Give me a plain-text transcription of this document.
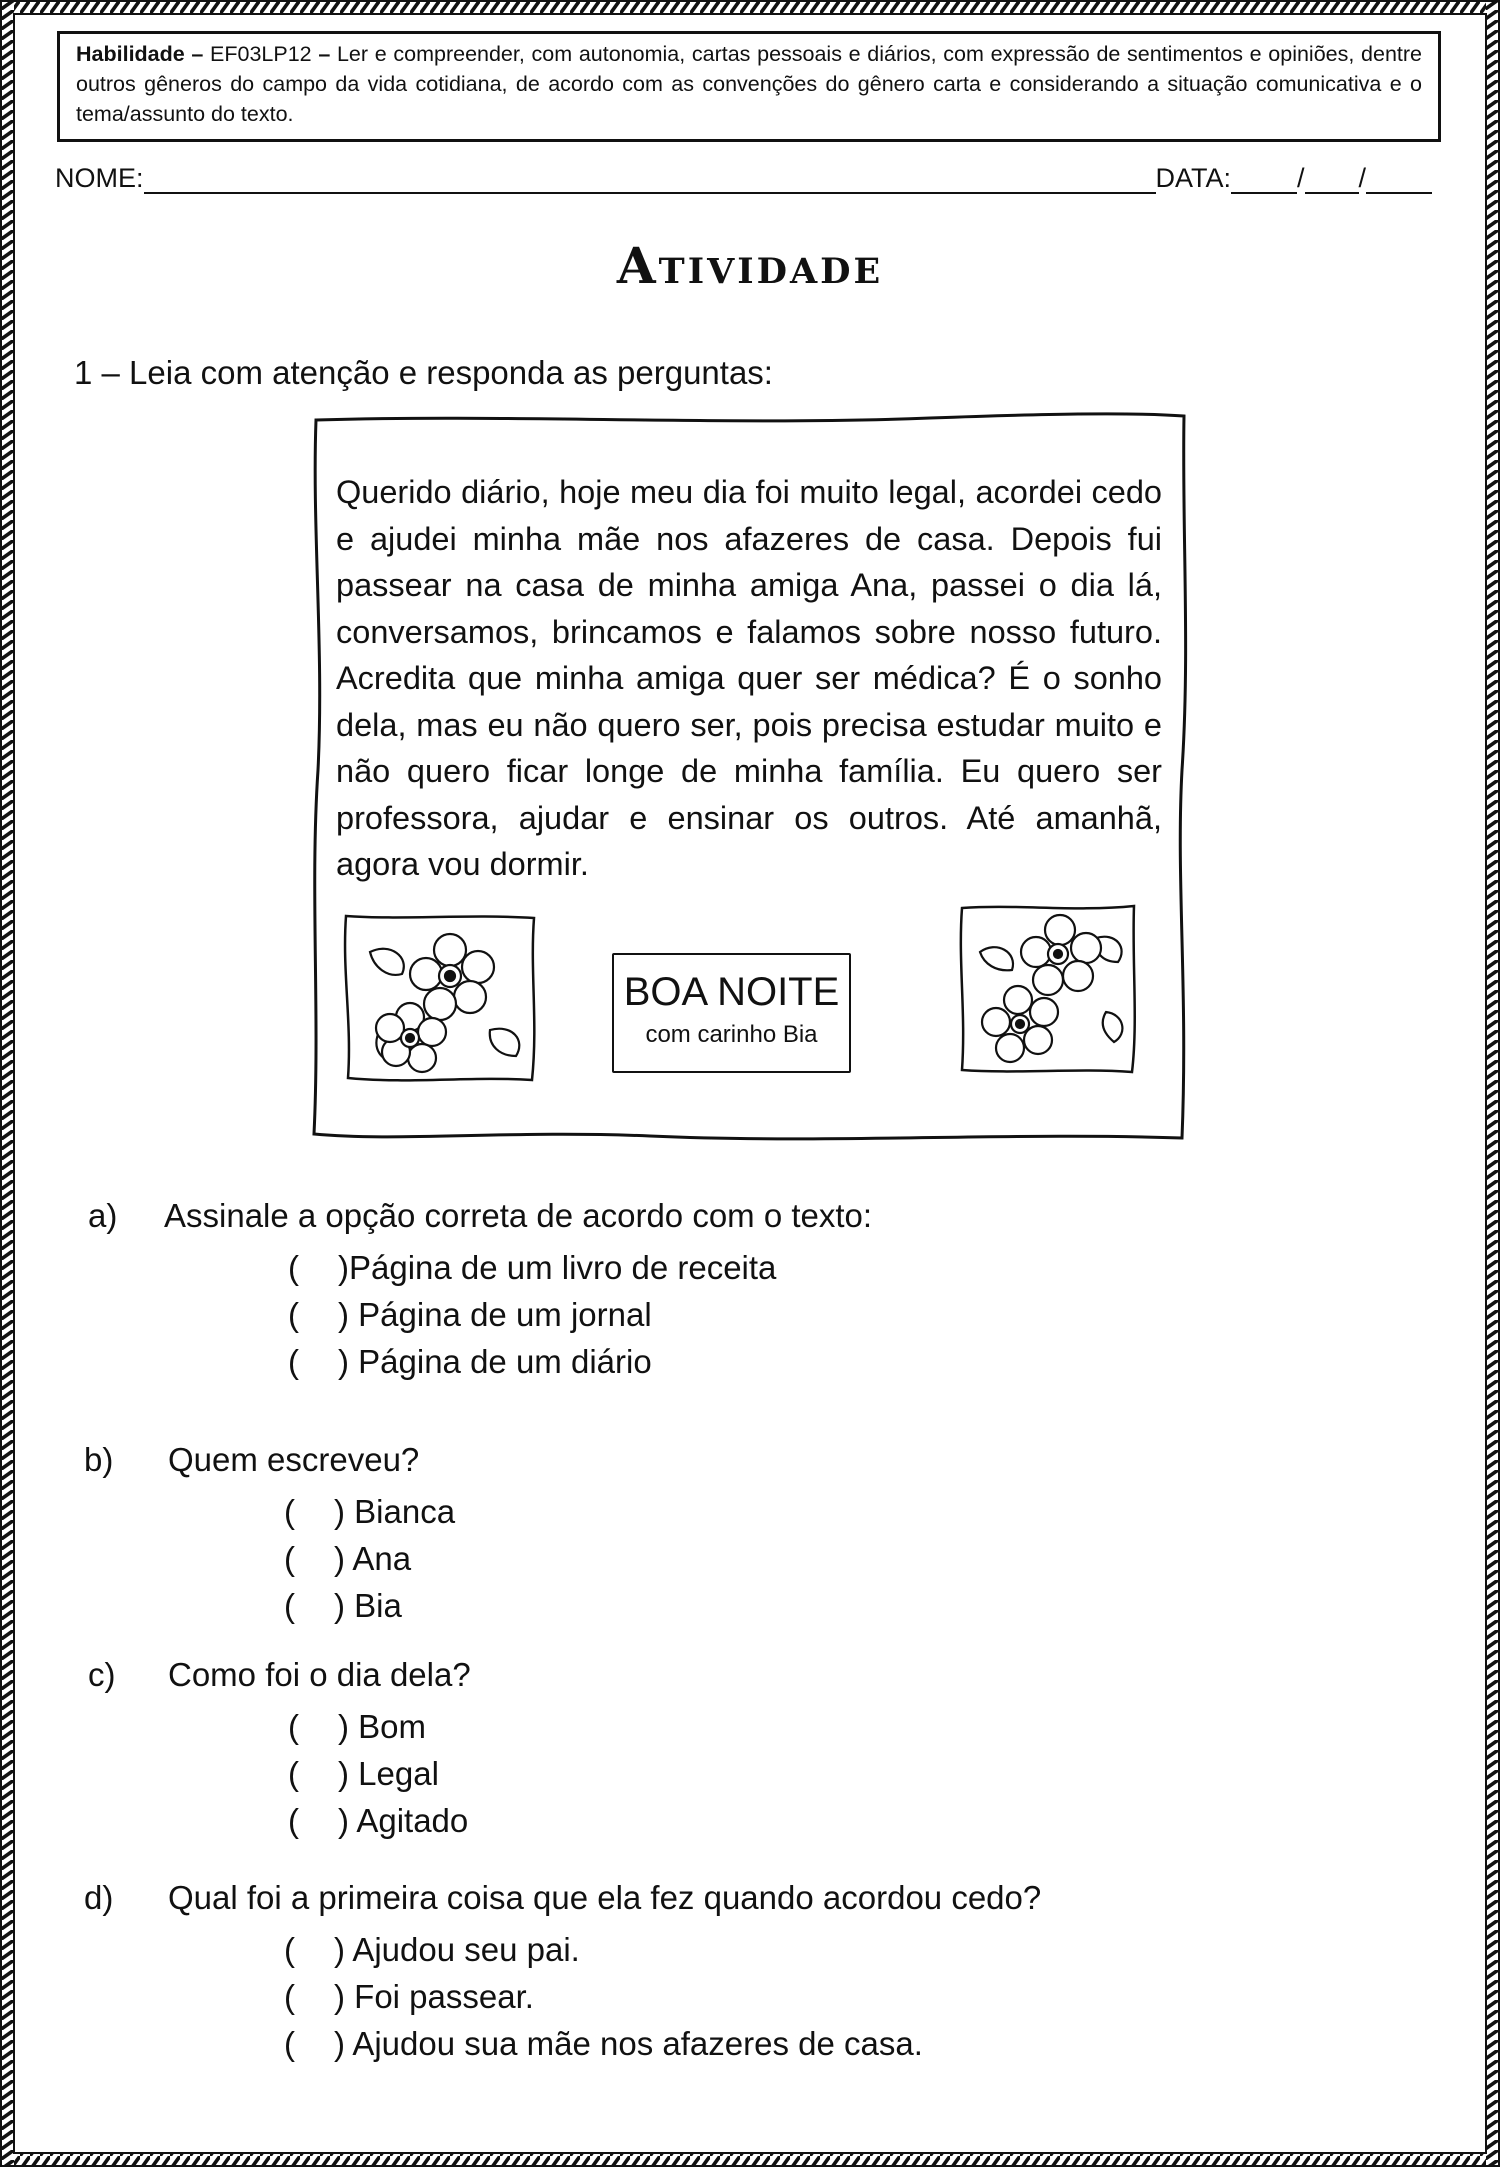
Habilidade – EF03LP12 – Ler e compreender, com autonomia, cartas pessoais e diários, com expressão de sentimentos e opiniões, dentre outros gêneros do campo da vida cotidiana, de acordo com as convenções do gênero carta e considerando a situação comunicativa e o tema/assunto do texto.
NOME:	DATA: / /
Atividade
1 – Leia com atenção e responda as perguntas:
Querido diário, hoje meu dia foi muito legal, acordei cedo e ajudei minha mãe nos afazeres de casa. Depois fui passear na casa de minha amiga Ana, passei o dia lá, conversamos, brincamos e falamos sobre nosso futuro. Acredita que minha amiga quer ser médica? É o sonho dela, mas eu não quero ser, pois precisa estudar muito e não quero ficar longe de minha família. Eu quero ser professora, ajudar e ensinar os outros. Até amanhã, agora vou dormir.
BOA NOITE
com carinho Bia
a) Assinale a opção correta de acordo com o texto:
(	)Página de um livro de receita
(	) Página de um jornal
(	) Página de um diário
b) Quem escreveu?
(	) Bianca
(	) Ana
(	) Bia
c) Como foi o dia dela?
(	) Bom
(	) Legal
(	) Agitado
d) Qual foi a primeira coisa que ela fez quando acordou cedo?
(	) Ajudou seu pai.
(	) Foi passear.
(	) Ajudou sua mãe nos afazeres de casa.
